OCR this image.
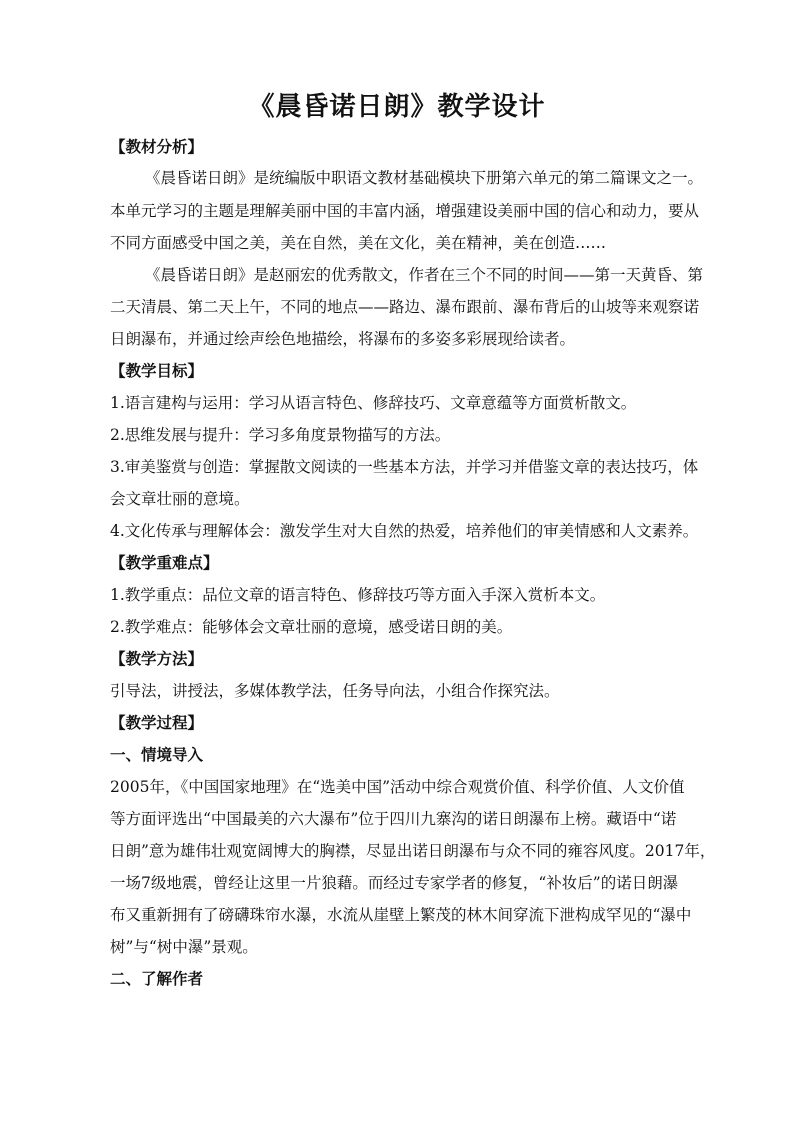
《晨昏诺日朗》教学设计
【教材分析】
《晨昏诺日朗》是统编版中职语文教材基础模块下册第六单元的第二篇课文之一。
本单元学习的主题是理解美丽中国的丰富内涵，增强建设美丽中国的信心和动力，要从
不同方面感受中国之美，美在自然，美在文化，美在精神，美在创造……
《晨昏诺日朗》是赵丽宏的优秀散文，作者在三个不同的时间——第一天黄昏、第
二天清晨、第二天上午，不同的地点——路边、瀑布跟前、瀑布背后的山坡等来观察诺
日朗瀑布，并通过绘声绘色地描绘，将瀑布的多姿多彩展现给读者。
【教学目标】
1.语言建构与运用：学习从语言特色、修辞技巧、文章意蕴等方面赏析散文。
2.思维发展与提升：学习多角度景物描写的方法。
3.审美鉴赏与创造：掌握散文阅读的一些基本方法，并学习并借鉴文章的表达技巧，体
会文章壮丽的意境。
4.文化传承与理解体会：激发学生对大自然的热爱，培养他们的审美情感和人文素养。
【教学重难点】
1.教学重点：品位文章的语言特色、修辞技巧等方面入手深入赏析本文。
2.教学难点：能够体会文章壮丽的意境，感受诺日朗的美。
【教学方法】
引导法，讲授法，多媒体教学法，任务导向法，小组合作探究法。
【教学过程】
一、情境导入
2005年，《中国国家地理》在“选美中国”活动中综合观赏价值、科学价值、人文价值
等方面评选出“中国最美的六大瀑布”位于四川九寨沟的诺日朗瀑布上榜。藏语中“诺
日朗”意为雄伟壮观宽阔博大的胸襟，尽显出诺日朗瀑布与众不同的雍容风度。2017年，
一场7级地震，曾经让这里一片狼藉。而经过专家学者的修复，“补妆后”的诺日朗瀑
布又重新拥有了磅礴珠帘水瀑，水流从崖壁上繁茂的林木间穿流下泄构成罕见的“瀑中
树”与“树中瀑”景观。
二、了解作者
